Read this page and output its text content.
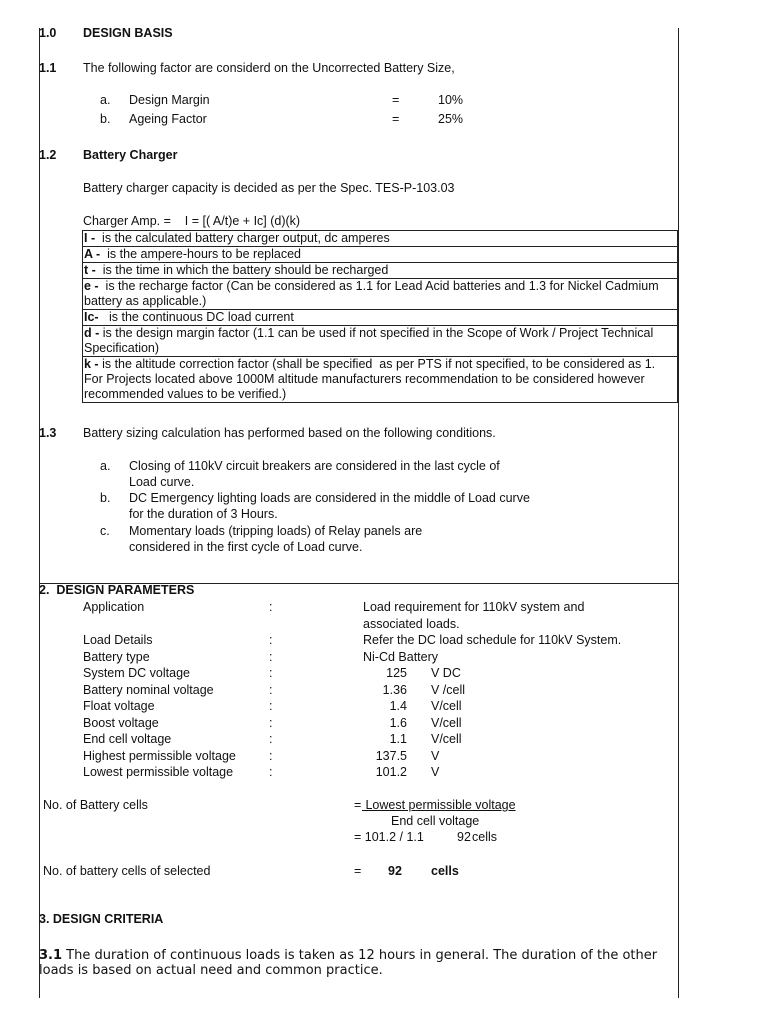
1.0 DESIGN BASIS
1.1 The following factor are considerd on the Uncorrected Battery Size,
a. Design Margin	=	10%
b. Ageing Factor	=	25%
1.2 Battery Charger
Battery charger capacity is decided as per the Spec. TES-P-103.03
Charger Amp. =    I = [( A/t)e + Ic] (d)(k)
I -  is the calculated battery charger output, dc amperes
A -  is the ampere-hours to be replaced
t -  is the time in which the battery should be recharged
e -  is the recharge factor (Can be considered as 1.1 for Lead Acid batteries and 1.3 for Nickel Cadmium battery as applicable.)
Ic-   is the continuous DC load current
d - is the design margin factor (1.1 can be used if not specified in the Scope of Work / Project Technical Specification)
k - is the altitude correction factor (shall be specified  as per PTS if not specified, to be considered as 1. For Projects located above 1000M altitude manufacturers recommendation to be considered however recommended values to be verified.)
1.3 Battery sizing calculation has performed based on the following conditions.
a. Closing of 110kV circuit breakers are considered in the last cycle of
Load curve.
b. DC Emergency lighting loads are considered in the middle of Load curve
for the duration of 3 Hours.
c. Momentary loads (tripping loads) of Relay panels are
considered in the first cycle of Load curve.
2.  DESIGN PARAMETERS
Application	:	Load requirement for 110kV system and
associated loads.
Load Details	:	Refer the DC load schedule for 110kV System.
Battery type	:	Ni-Cd Battery
System DC voltage	:	125 V DC
Battery nominal voltage	:	1.36 V /cell
Float voltage	:	1.4 V/cell
Boost voltage	:	1.6 V/cell
End cell voltage	:	1.1 V/cell
Highest permissible voltage	:	137.5 V
Lowest permissible voltage	:	101.2 V
No. of Battery cells	= Lowest permissible voltage
End cell voltage
= 101.2 / 1.1	92 cells
No. of battery cells of selected	= 92 cells
3. DESIGN CRITERIA
3.1 The duration of continuous loads is taken as 12 hours in general. The duration of the other
loads is based on actual need and common practice.
